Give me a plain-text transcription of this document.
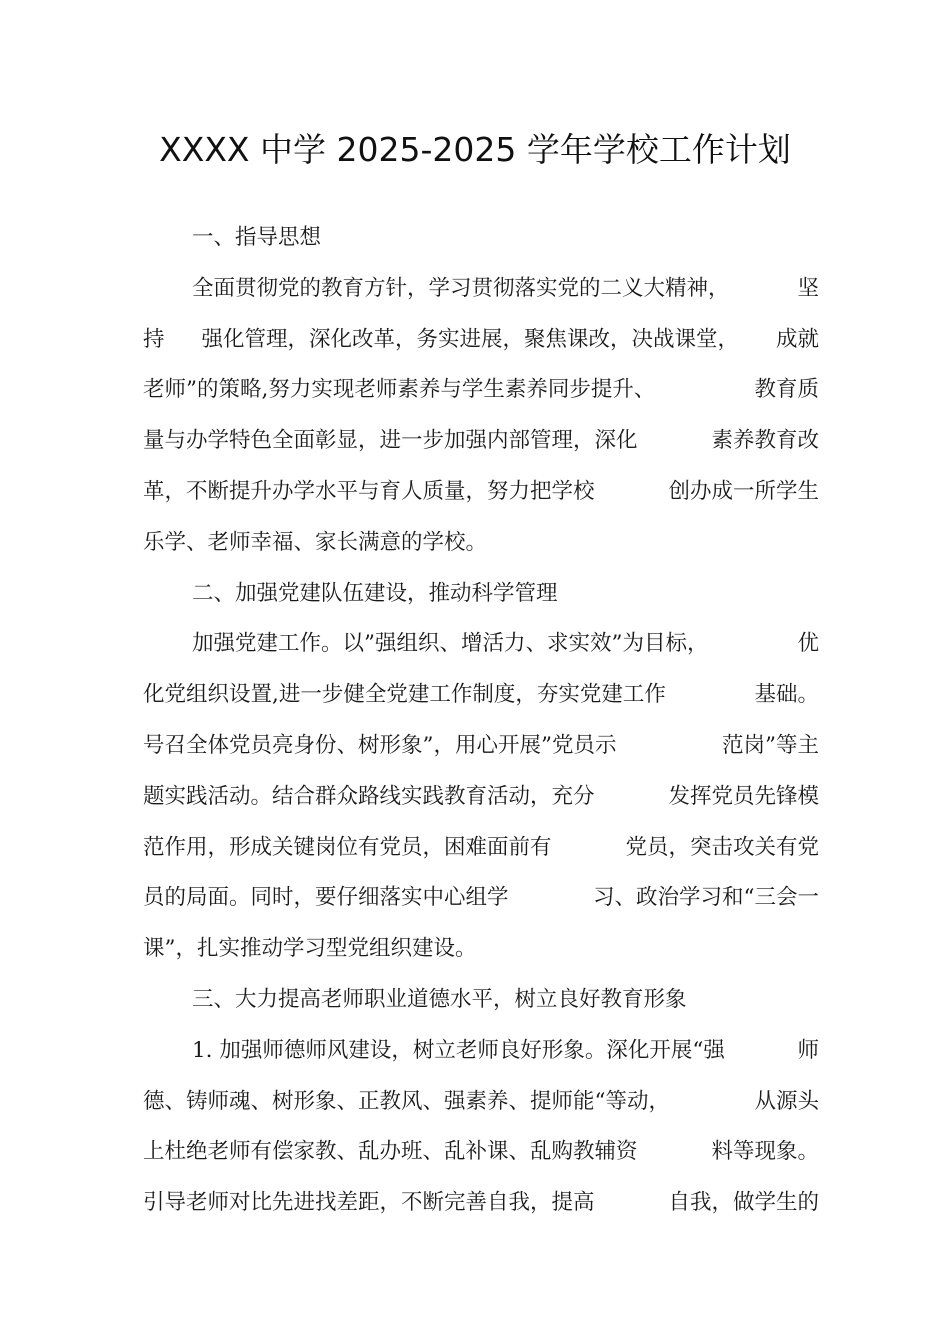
XXXX 中学 2025-2025 学年学校工作计划
一、指导思想
全面贯彻党的教育方针，学习贯彻落实党的二义大精神，	坚
持 强化管理，深化改革，务实进展，聚焦课改，决战课堂， 成就
老师”的策略,努力实现老师素养与学生素养同步提升、	教育质
量与办学特色全面彰显，进一步加强内部管理，深化	素养教育改
革，不断提升办学水平与育人质量，努力把学校	创办成一所学生
乐学、老师幸福、家长满意的学校。
二、加强党建队伍建设，推动科学管理
加强党建工作。以”强组织、增活力、求实效”为目标，	优
化党组织设置,进一步健全党建工作制度，夯实党建工作	基础。
号召全体党员亮身份、树形象”，用心开展”党员示	范岗”等主
题实践活动。结合群众路线实践教育活动，充分	发挥党员先锋模
范作用，形成关键岗位有党员，困难面前有	党员，突击攻关有党
员的局面。同时，要仔细落实中心组学	习、政治学习和“三会一
课”，扎实推动学习型党组织建设。
三、大力提高老师职业道德水平，树立良好教育形象
1. 加强师德师风建设，树立老师良好形象。深化开展“强	师
德、铸师魂、树形象、正教风、强素养、提师能“等动，	从源头
上杜绝老师有偿家教、乱办班、乱补课、乱购教辅资	料等现象。
引导老师对比先进找差距，不断完善自我，提高	自我，做学生的
